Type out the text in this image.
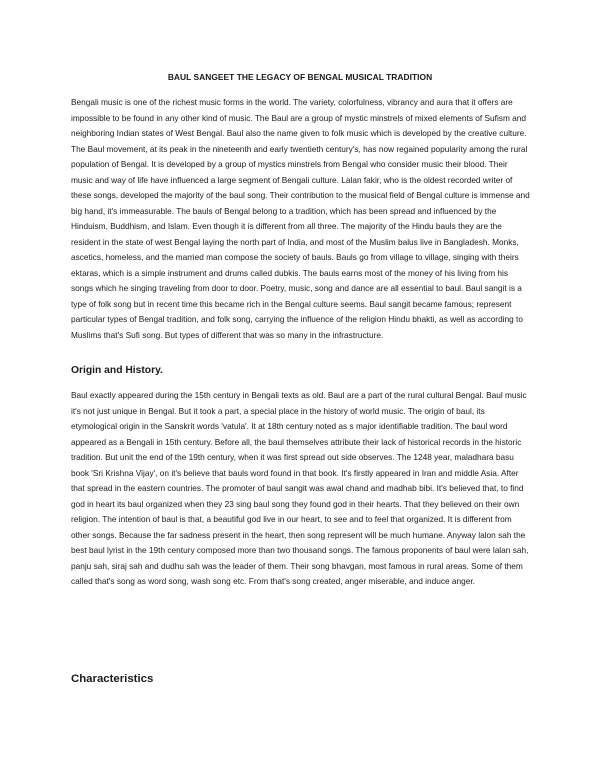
BAUL SANGEET THE LEGACY OF BENGAL MUSICAL TRADITION

Bengali music is one of the richest music forms in the world. The variety, colorfulness, vibrancy and aura that it offers are impossible to be found in any other kind of music. The Baul are a group of mystic minstrels of mixed elements of Sufism and neighboring Indian states of West Bengal. Baul also the name given to folk music which is developed by the creative culture. The Baul movement, at its peak in the nineteenth and early twentieth century's, has now regained popularity among the rural population of Bengal. It is developed by a group of mystics minstrels from Bengal who consider music their blood. Their music and way of life have influenced a large segment of Bengali culture. Lalan fakir, who is the oldest recorded writer of these songs, developed the majority of the baul song. Their contribution to the musical field of Bengal culture is immense and big hand, it's immeasurable. The bauls of Bengal belong to a tradition, which has been spread and influenced by the Hinduism, Buddhism, and Islam. Even though it is different from all three. The majority of the Hindu bauls they are the resident in the state of west Bengal laying the north part of India, and most of the Muslim balus live in Bangladesh. Monks, ascetics, homeless, and the married man compose the society of bauls. Bauls go from village to village, singing with theirs ektaras, which is a simple instrument and drums called dubkis. The bauls earns most of the money of his living from his songs which he singing traveling from door to door. Poetry, music, song and dance are all essential to baul. Baul sangit is a type of folk song but in recent time this became rich in the Bengal culture seems. Baul sangit became famous; represent particular types of Bengal tradition, and folk song, carrying the influence of the religion Hindu bhakti, as well as according to Muslims that's Sufi song. But types of different that was so many in the infrastructure.

Origin and History.

Baul exactly appeared during the 15th century in Bengali texts as old. Baul are a part of the rural cultural Bengal. Baul music it's not just unique in Bengal. But it took a part, a special place in the history of world music. The origin of baul, its etymological origin in the Sanskrit words 'vatula'. It at 18th century noted as s major identifiable tradition. The baul word appeared as a Bengali in 15th century. Before all, the baul themselves attribute their lack of historical records in the historic tradition. But unit the end of the 19th century, when it was first spread out side observes. The 1248 year, maladhara basu book 'Sri Krishna Vijay', on it's believe that bauls word found in that book. It's firstly appeared in Iran and middle Asia. After that spread in the eastern countries. The promoter of baul sangit was awal chand and madhab bibi. It's believed that, to find god in heart its baul organized when they 23 sing baul song they found god in their hearts. That they believed on their own religion. The intention of baul is that, a beautiful god live in our heart, to see and to feel that organized. It is different from other songs. Because the far sadness present in the heart, then song represent will be much humane. Anyway lalon sah the best baul lyrist in the 19th century composed more than two thousand songs. The famous proponents of baul were lalan sah, panju sah, siraj sah and dudhu sah was the leader of them. Their song bhavgan, most famous in rural areas. Some of them called that's song as word song, wash song etc. From that's song created, anger miserable, and induce anger.

Characteristics
